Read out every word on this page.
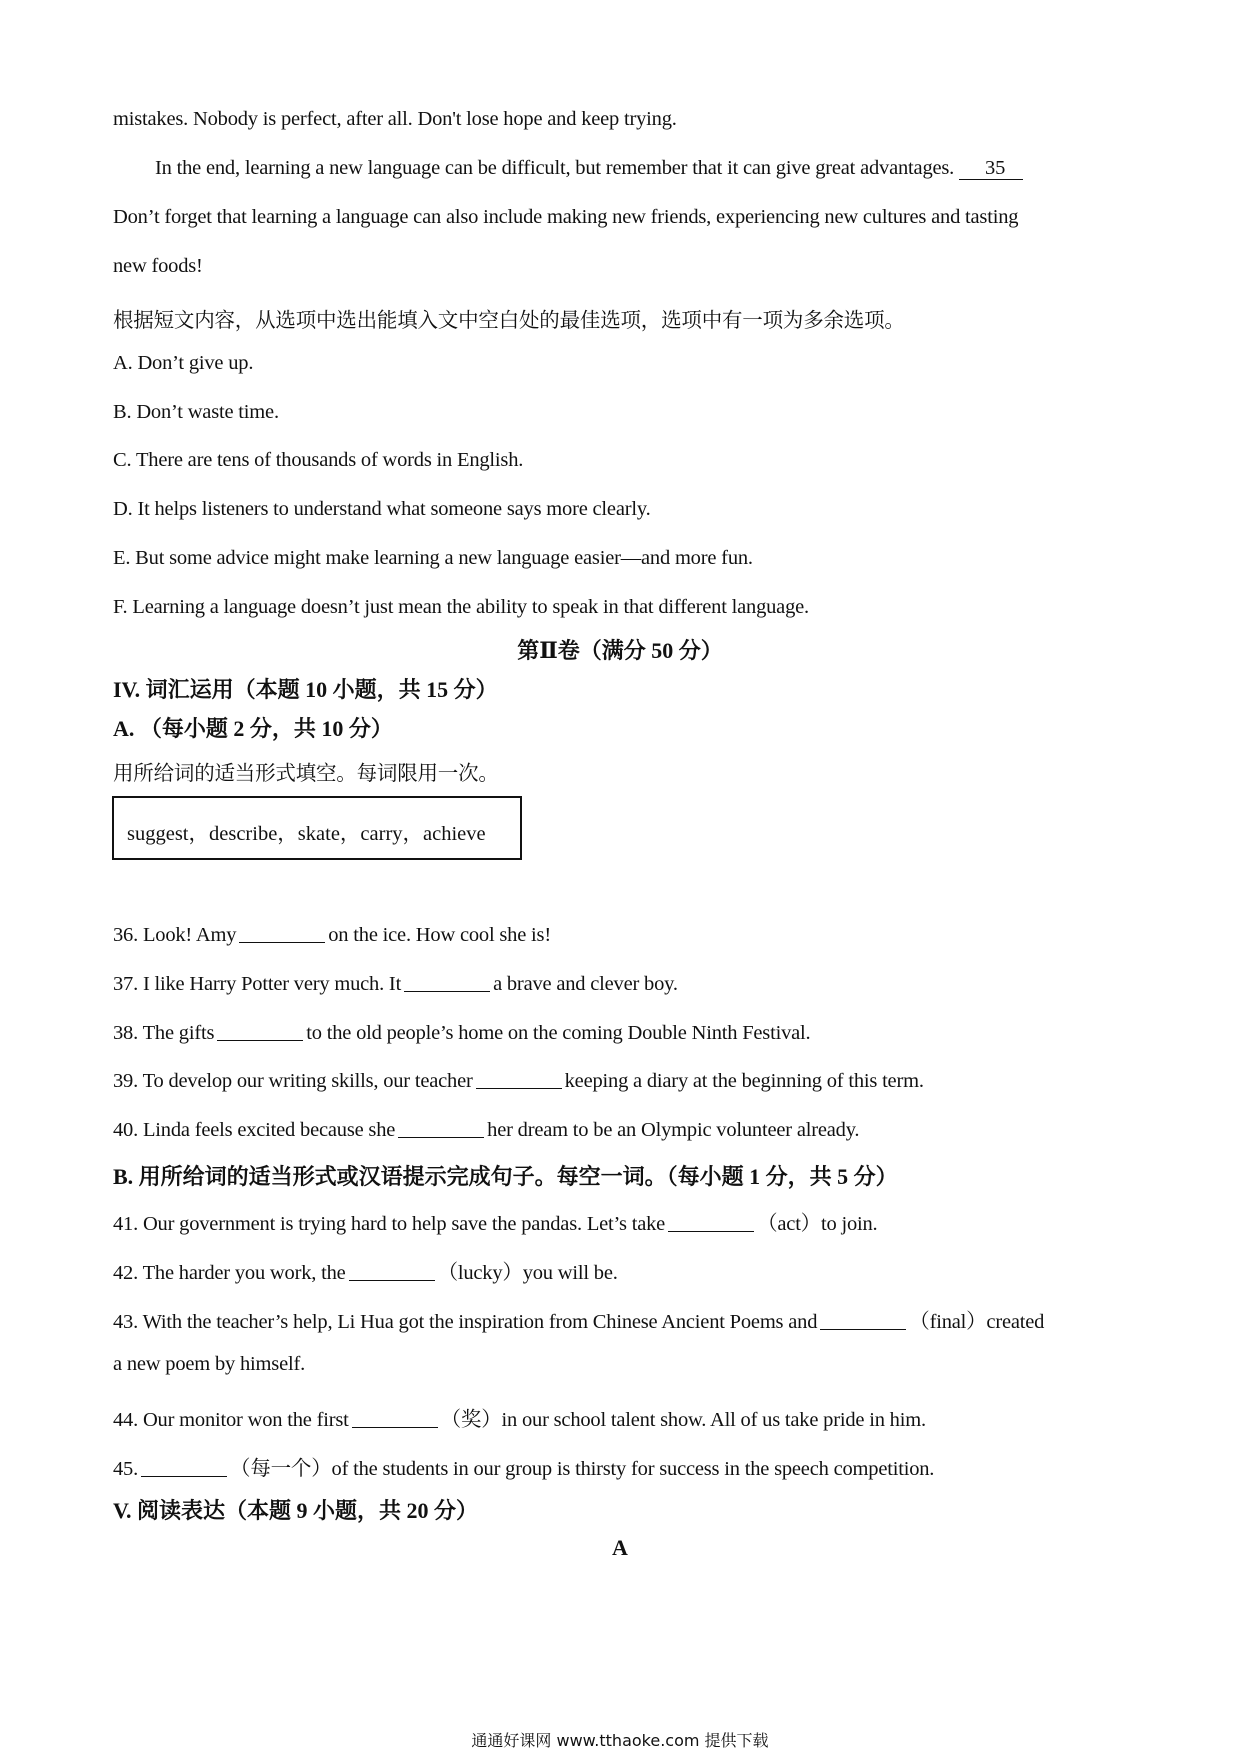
mistakes. Nobody is perfect, after all. Don't lose hope and keep trying.
In the end, learning a new language can be difficult, but remember that it can give great advantages. 35
Don’t forget that learning a language can also include making new friends, experiencing new cultures and tasting
new foods!
根据短文内容，从选项中选出能填入文中空白处的最佳选项，选项中有一项为多余选项。
A. Don’t give up.
B. Don’t waste time.
C. There are tens of thousands of words in English.
D. It helps listeners to understand what someone says more clearly.
E. But some advice might make learning a new language easier—and more fun.
F. Learning a language doesn’t just mean the ability to speak in that different language.
第Ⅱ卷（满分 50 分）
IV. 词汇运用（本题 10 小题，共 15 分）
A. （每小题 2 分，共 10 分）
用所给词的适当形式填空。每词限用一次。
suggest，describe，skate，carry，achieve
36. Look! Amy	on the ice. How cool she is!
37. I like Harry Potter very much. It	a brave and clever boy.
38. The gifts	to the old people’s home on the coming Double Ninth Festival.
39. To develop our writing skills, our teacher	keeping a diary at the beginning of this term.
40. Linda feels excited because she	her dream to be an Olympic volunteer already.
B. 用所给词的适当形式或汉语提示完成句子。每空一词。（每小题 1 分，共 5 分）
41. Our government is trying hard to help save the pandas. Let’s take	（act）to join.
42. The harder you work, the	（lucky）you will be.
43. With the teacher’s help, Li Hua got the inspiration from Chinese Ancient Poems and	（final）created
a new poem by himself.
44. Our monitor won the first	（奖）in our school talent show. All of us take pride in him.
45.	（每一个）of the students in our group is thirsty for success in the speech competition.
V. 阅读表达（本题 9 小题，共 20 分）
A
通通好课网 www.tthaoke.com 提供下载
